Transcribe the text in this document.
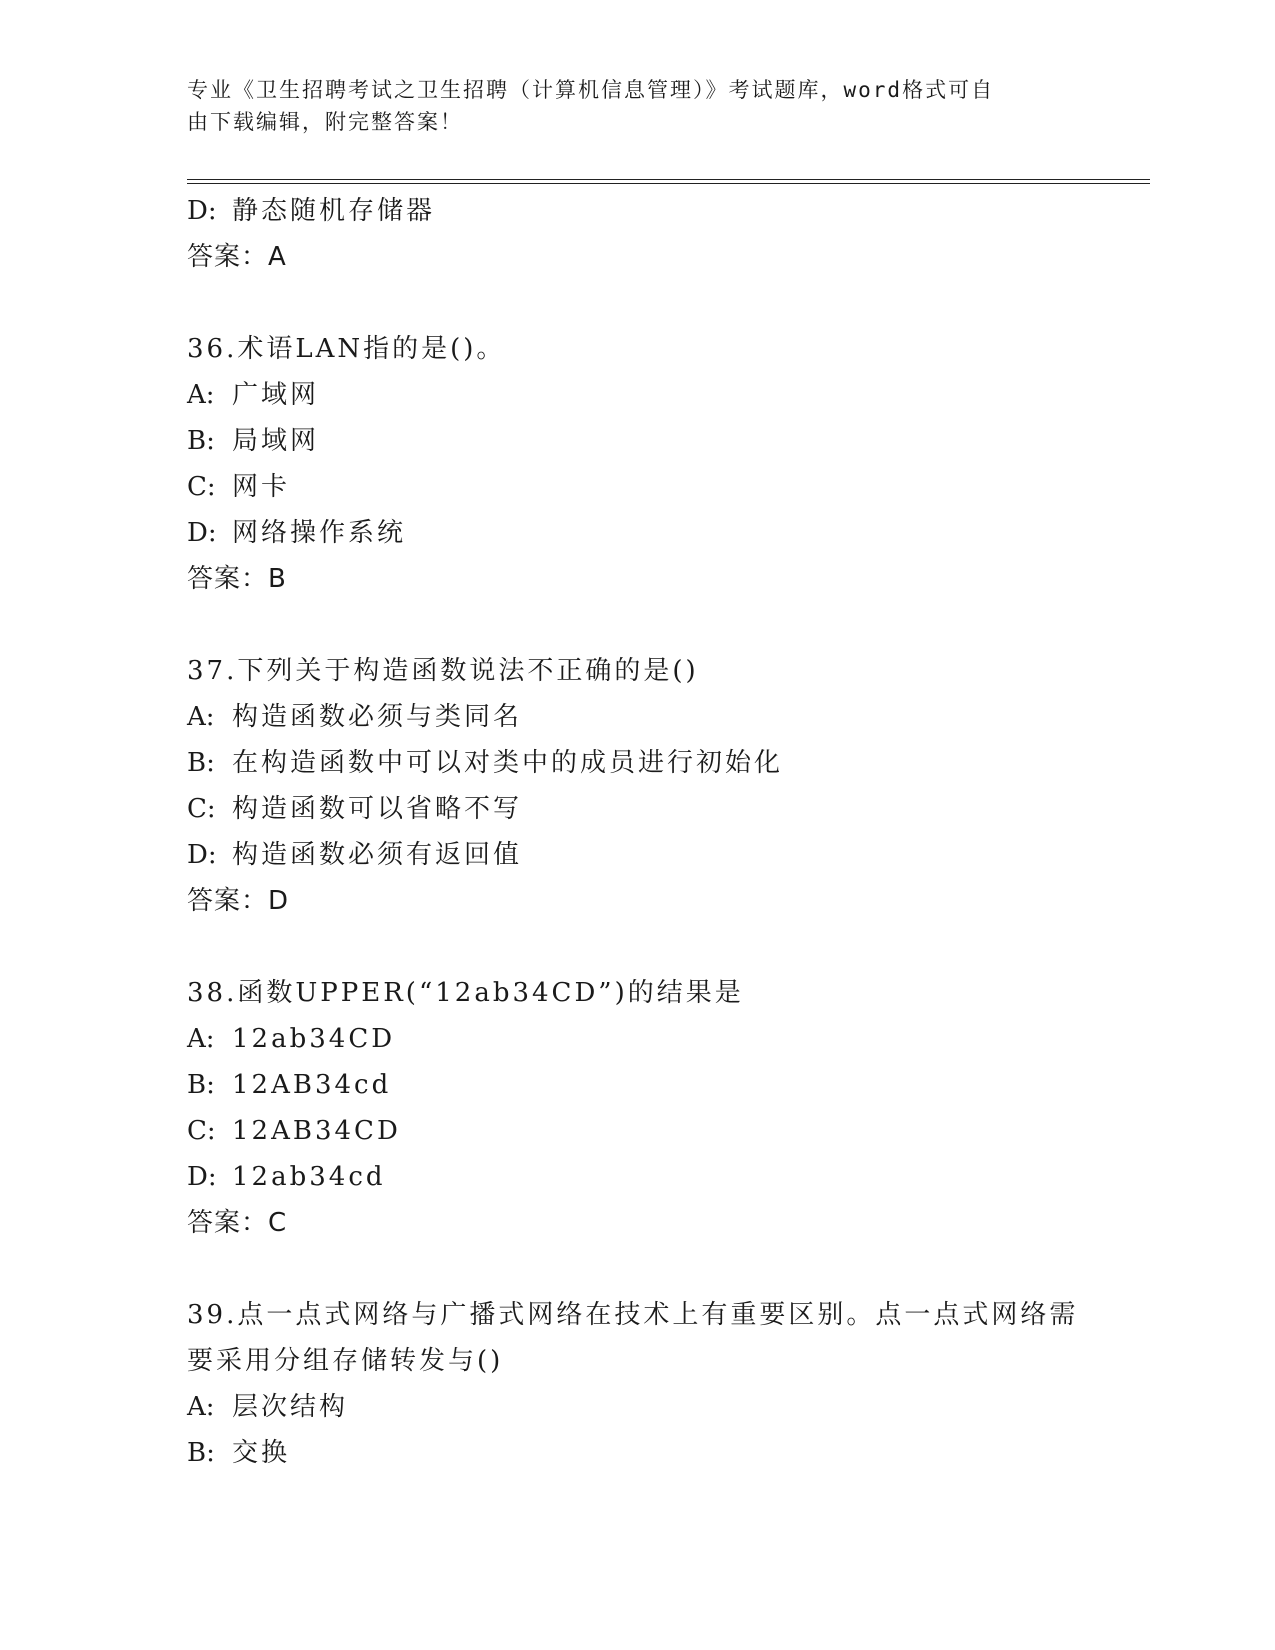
专业《卫生招聘考试之卫生招聘（计算机信息管理）》考试题库，word格式可自
由下载编辑，附完整答案！
D: 静态随机存储器
答案：A
36.术语LAN指的是()。
A: 广域网
B: 局域网
C: 网卡
D: 网络操作系统
答案：B
37.下列关于构造函数说法不正确的是()
A: 构造函数必须与类同名
B: 在构造函数中可以对类中的成员进行初始化
C: 构造函数可以省略不写
D: 构造函数必须有返回值
答案：D
38.函数UPPER(“12ab34CD”)的结果是
A: 12ab34CD
B: 12AB34cd
C: 12AB34CD
D: 12ab34cd
答案：C
39.点一点式网络与广播式网络在技术上有重要区别。点一点式网络需
要采用分组存储转发与()
A: 层次结构
B: 交换
